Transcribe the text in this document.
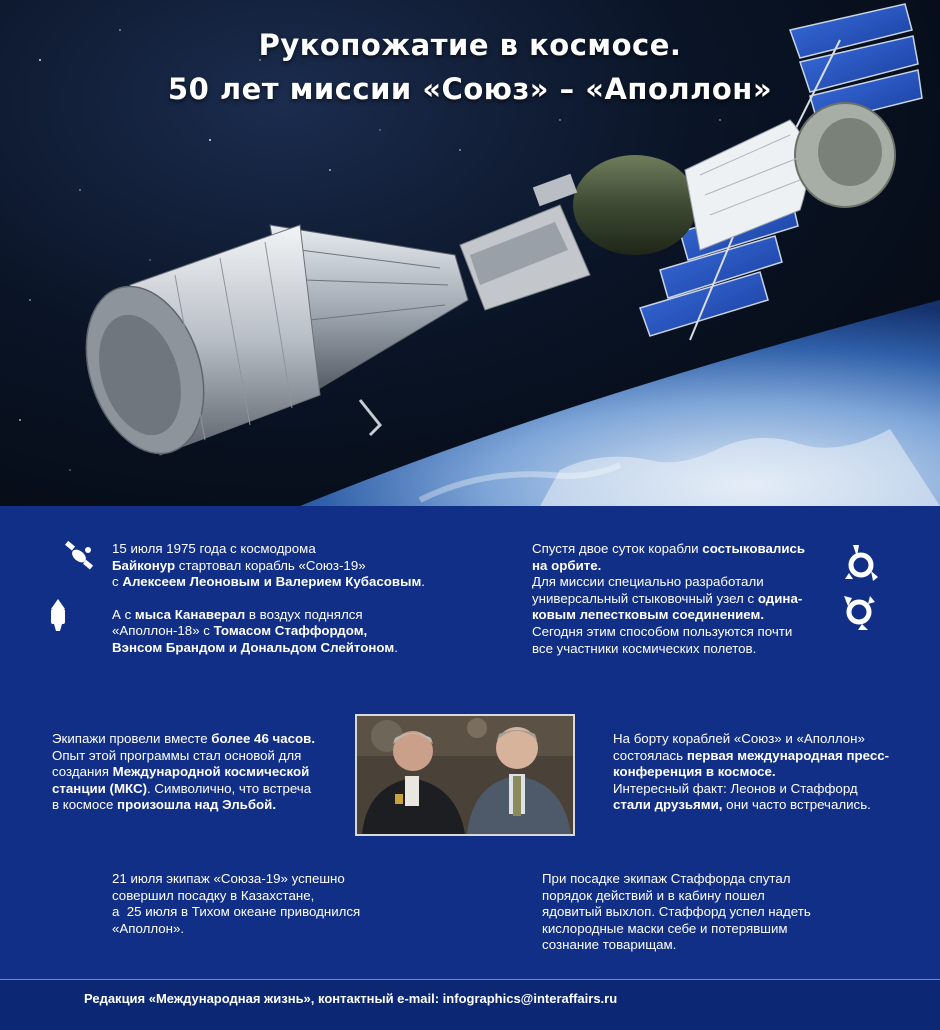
Рукопожатие в космосе.
50 лет миссии «Союз» – «Аполлон»

15 июля 1975 года с космодрома

Байконур стартовал корабль «Союз-19»

с Алексеем Леоновым и Валерием Кубасовым.

А с мыса Канаверал в воздух поднялся

«Аполлон-18» с Томасом Стаффордом,

Вэнсом Брандом и Дональдом Слейтоном.

Спустя двое суток корабли состыковались

на орбите.

Для миссии специально разработали

универсальный стыковочный узел с одина-

ковым лепестковым соединением.

Сегодня этим способом пользуются почти

все участники космических полетов.

Экипажи провели вместе более 46 часов.

Опыт этой программы стал основой для

создания Международной космической

станции (МКС). Символично, что встреча

в космосе произошла над Эльбой.

На борту кораблей «Союз» и «Аполлон»

состоялась первая международная пресс-

конференция в космосе.

Интересный факт: Леонов и Стаффорд

стали друзьями, они часто встречались.

21 июля экипаж «Союза-19» успешно

совершил посадку в Казахстане,

а  25 июля в Тихом океане приводнился

«Аполлон».

При посадке экипаж Стаффорда спутал

порядок действий и в кабину пошел

ядовитый выхлоп. Стаффорд успел надеть

кислородные маски себе и потерявшим

сознание товарищам.

Редакция «Международная жизнь», контактный e-mail: infographics@interaffairs.ru
